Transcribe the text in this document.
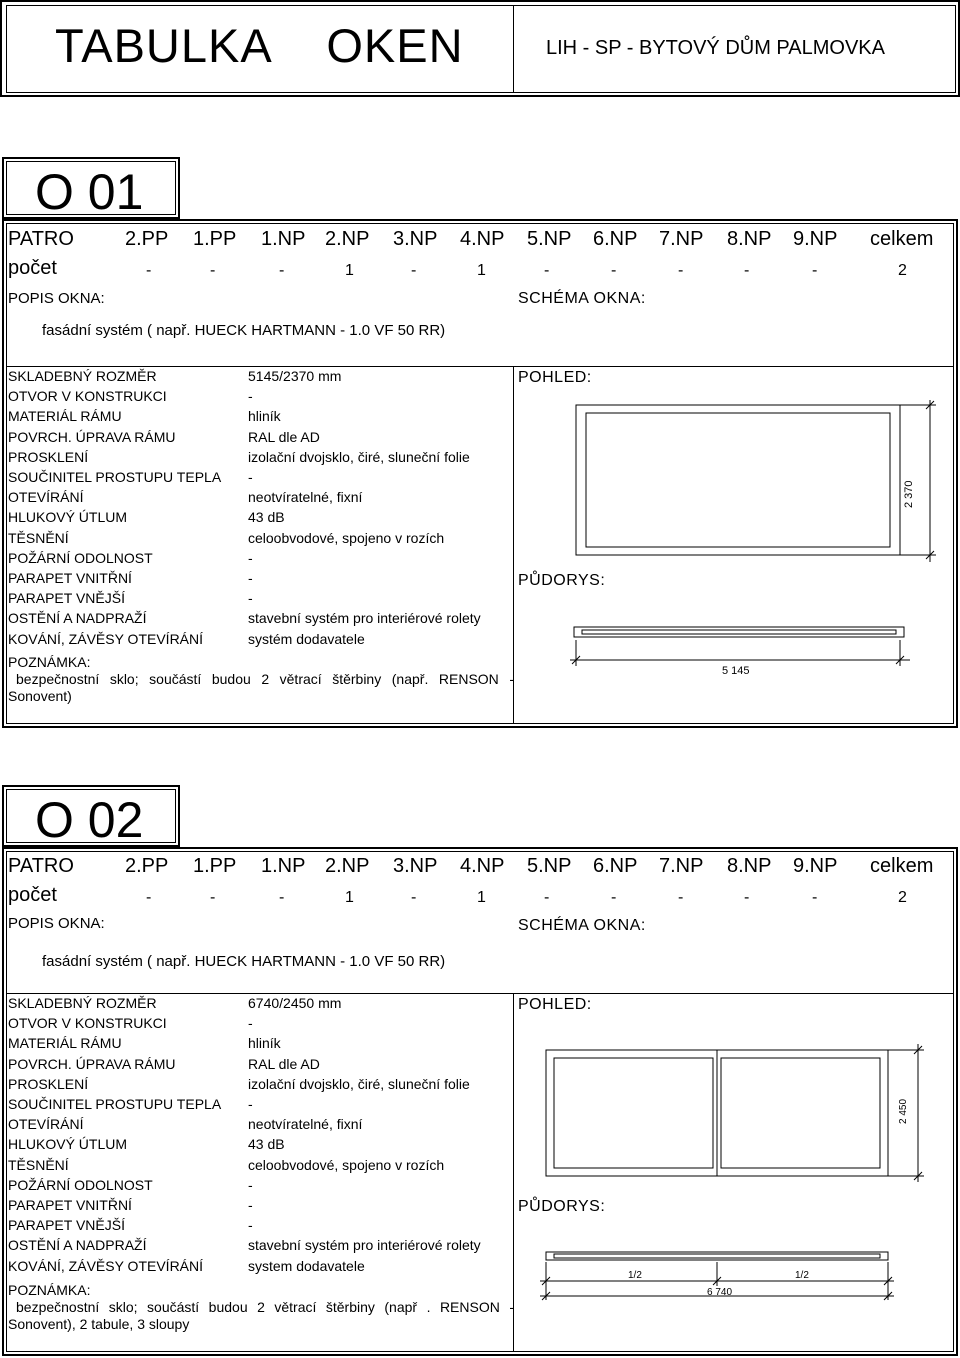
TABULKA    OKEN	LIH - SP - BYTOVÝ DŮM PALMOVKA
O 01
PATRO	2.PP 1.PP 1.NP 2.NP 3.NP 4.NP 5.NP 6.NP 7.NP 8.NP 9.NP celkem
počet	-	-	-	1	-	1	-	-	-	-	-	2
POPIS OKNA:	SCHÉMA OKNA:
fasádní systém ( např. HUECK HARTMANN - 1.0 VF 50 RR)
SKLADEBNÝ ROZMĚR	5145/2370 mm
OTVOR V KONSTRUKCI	-
MATERIÁL RÁMU	hliník
POVRCH. ÚPRAVA RÁMU	RAL dle AD
PROSKLENÍ	izolační dvojsklo, čiré, sluneční folie
SOUČINITEL PROSTUPU TEPLA -
OTEVÍRÁNÍ	neotvíratelné, fixní
HLUKOVÝ ÚTLUM	43 dB
TĚSNĚNÍ	celoobvodové, spojeno v rozích
POŽÁRNÍ ODOLNOST	-
PARAPET VNITŘNÍ	-
PARAPET VNĚJŠÍ	-
OSTĚNÍ A NADPRAŽÍ	stavební systém pro interiérové rolety
KOVÁNÍ, ZÁVĚSY OTEVÍRÁNÍ	systém dodavatele
POZNÁMKA:
bezpečnostní sklo; součástí budou 2 větrací štěrbiny (např. RENSON - Sonovent)
POHLED:
PŮDORYS:
2 370
5 145
O 02
PATRO	2.PP 1.PP 1.NP 2.NP 3.NP 4.NP 5.NP 6.NP 7.NP 8.NP 9.NP celkem
počet	-	-	-	1	-	1	-	-	-	-	-	2
POPIS OKNA:	SCHÉMA OKNA:
fasádní systém ( např. HUECK HARTMANN - 1.0 VF 50 RR)
SKLADEBNÝ ROZMĚR	6740/2450 mm
OTVOR V KONSTRUKCI	-
MATERIÁL RÁMU	hliník
POVRCH. ÚPRAVA RÁMU	RAL dle AD
PROSKLENÍ	izolační dvojsklo, čiré, sluneční folie
SOUČINITEL PROSTUPU TEPLA -
OTEVÍRÁNÍ	neotvíratelné, fixní
HLUKOVÝ ÚTLUM	43 dB
TĚSNĚNÍ	celoobvodové, spojeno v rozích
POŽÁRNÍ ODOLNOST	-
PARAPET VNITŘNÍ	-
PARAPET VNĚJŠÍ	-
OSTĚNÍ A NADPRAŽÍ	stavební systém pro interiérové rolety
KOVÁNÍ, ZÁVĚSY OTEVÍRÁNÍ	system dodavatele
POZNÁMKA:
bezpečnostní sklo; součástí budou 2 větrací štěrbiny (např . RENSON - Sonovent), 2 tabule, 3 sloupy
POHLED:
PŮDORYS:
2 450
6 740
1/2	1/2
